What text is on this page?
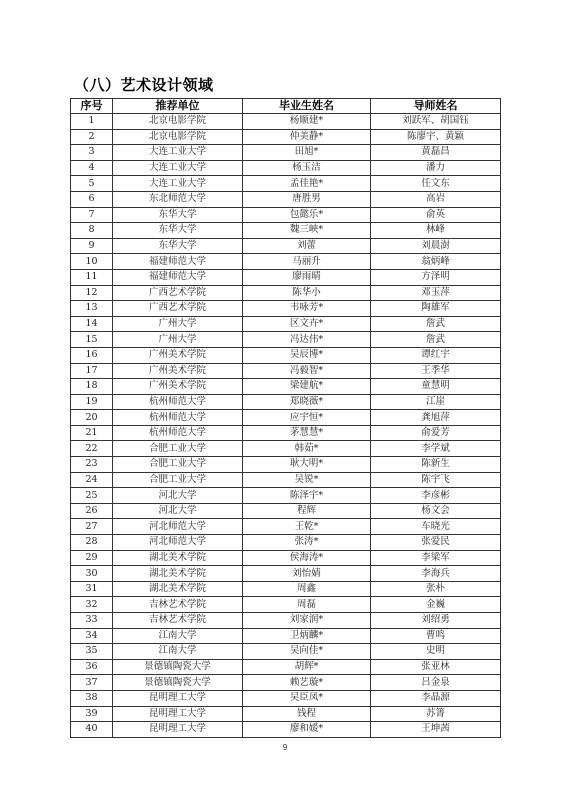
（八）艺术设计领域
序号	推荐单位	毕业生姓名	导师姓名
1	北京电影学院	杨顺建*	刘跃军、胡国钰
2	北京电影学院	仲美静*	陈廖宇、黄颖
3	大连工业大学	田旭*	黄磊昌
4	大连工业大学	杨玉洁	潘力
5	大连工业大学	孟佳艳*	任文东
6	东北师范大学	唐胜男	高岩
7	东华大学	包懿乐*	俞英
8	东华大学	魏三峡*	林峰
9	东华大学	刘蕾	刘晨澍
10	福建师范大学	马丽升	翁炳峰
11	福建师范大学	廖雨晴	方泽明
12	广西艺术学院	陈华小	邓玉萍
13	广西艺术学院	韦咏芳*	陶雄军
14	广州大学	区文卉*	詹武
15	广州大学	冯达伟*	詹武
16	广州美术学院	吴辰博*	谭红宇
17	广州美术学院	冯毅智*	王季华
18	广州美术学院	梁建航*	童慧明
19	杭州师范大学	郑晓薇*	江崖
20	杭州师范大学	应宇恒*	龚旭萍
21	杭州师范大学	茅慧慧*	俞爱芳
22	合肥工业大学	韩茹*	李学斌
23	合肥工业大学	耿大明*	陈新生
24	合肥工业大学	吴锐*	陈宇飞
25	河北大学	陈泽宇*	李彦彬
26	河北大学	程辉	杨文会
27	河北师范大学	王乾*	车晓光
28	河北师范大学	张涛*	张爱民
29	湖北美术学院	侯海涛*	李梁军
30	湖北美术学院	刘怡婧	李海兵
31	湖北美术学院	周鑫	张朴
32	吉林艺术学院	周磊	金巍
33	吉林艺术学院	刘家润*	刘绍勇
34	江南大学	卫炳麟*	曹鸣
35	江南大学	吴向佳*	史明
36	景德镇陶瓷大学	胡辉*	张亚林
37	景德镇陶瓷大学	赖艺璇*	吕金泉
38	昆明理工大学	吴臣凤*	李晶源
39	昆明理工大学	钱程	苏箐
40	昆明理工大学	廖和媛*	王坤茜
9
